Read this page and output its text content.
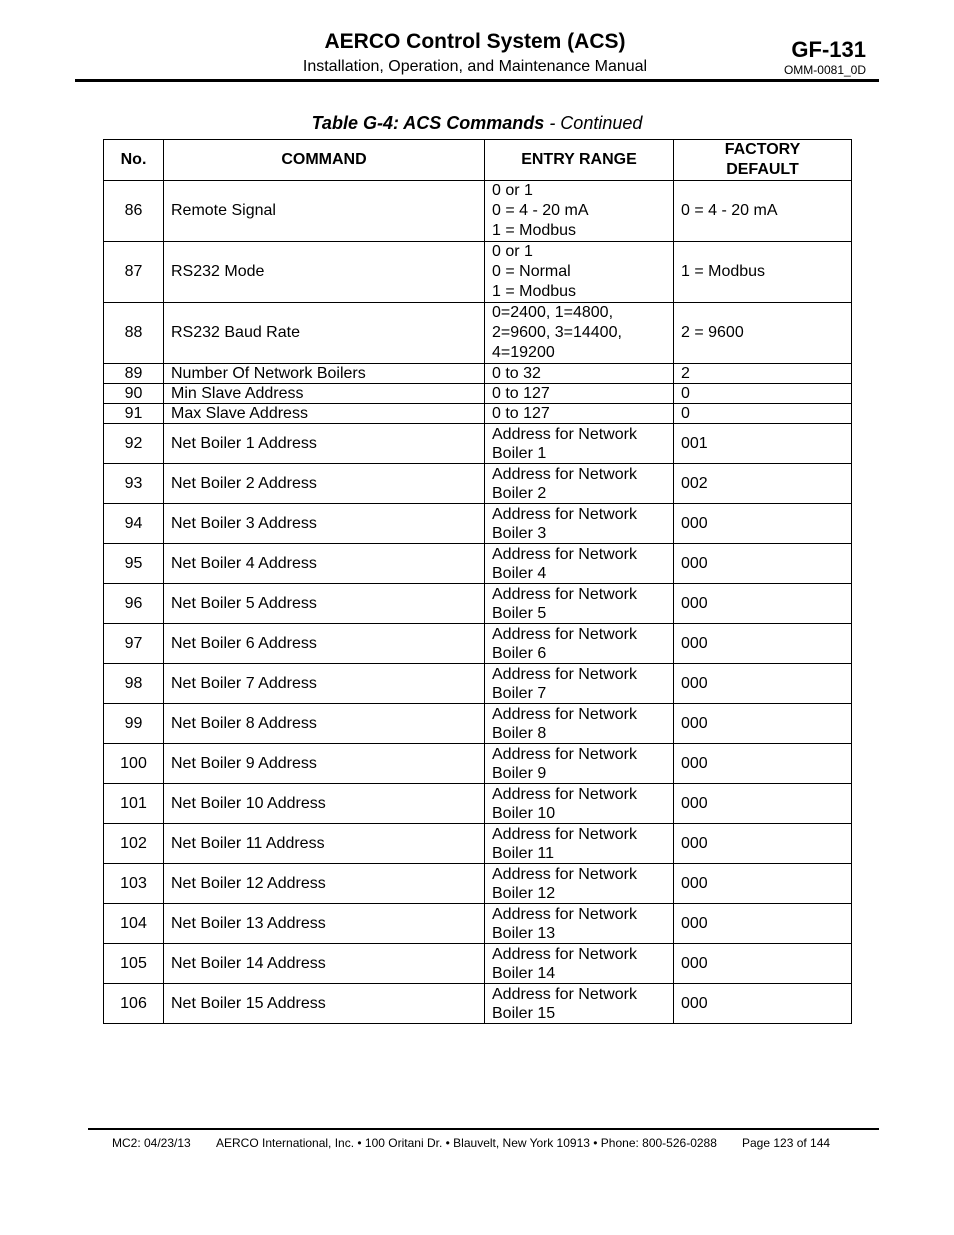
AERCO Control System (ACS)
Installation, Operation, and Maintenance Manual
GF-131
OMM-0081_0D
Table G-4: ACS Commands - Continued
No.	COMMAND	ENTRY RANGE	FACTORY
DEFAULT
86	Remote Signal	0 or 1
0 = 4 - 20 mA
1 = Modbus	0 = 4 - 20 mA
87	RS232 Mode	0 or 1
0 = Normal
1 = Modbus	1 = Modbus
88	RS232 Baud Rate	0=2400, 1=4800,
2=9600, 3=14400,
4=19200	2 = 9600
89	Number Of Network Boilers	0 to 32	2
90	Min Slave Address	0 to 127	0
91	Max Slave Address	0 to 127	0
92	Net Boiler 1 Address	Address for Network
Boiler 1	001
93	Net Boiler 2 Address	Address for Network
Boiler 2	002
94	Net Boiler 3 Address	Address for Network
Boiler 3	000
95	Net Boiler 4 Address	Address for Network
Boiler 4	000
96	Net Boiler 5 Address	Address for Network
Boiler 5	000
97	Net Boiler 6 Address	Address for Network
Boiler 6	000
98	Net Boiler 7 Address	Address for Network
Boiler 7	000
99	Net Boiler 8 Address	Address for Network
Boiler 8	000
100	Net Boiler 9 Address	Address for Network
Boiler 9	000
101	Net Boiler 10 Address	Address for Network
Boiler 10	000
102	Net Boiler 11 Address	Address for Network
Boiler 11	000
103	Net Boiler 12 Address	Address for Network
Boiler 12	000
104	Net Boiler 13 Address	Address for Network
Boiler 13	000
105	Net Boiler 14 Address	Address for Network
Boiler 14	000
106	Net Boiler 15 Address	Address for Network
Boiler 15	000
MC2: 04/23/13 AERCO International, Inc. • 100 Oritani Dr. • Blauvelt, New York 10913 • Phone: 800-526-0288 Page 123 of 144
